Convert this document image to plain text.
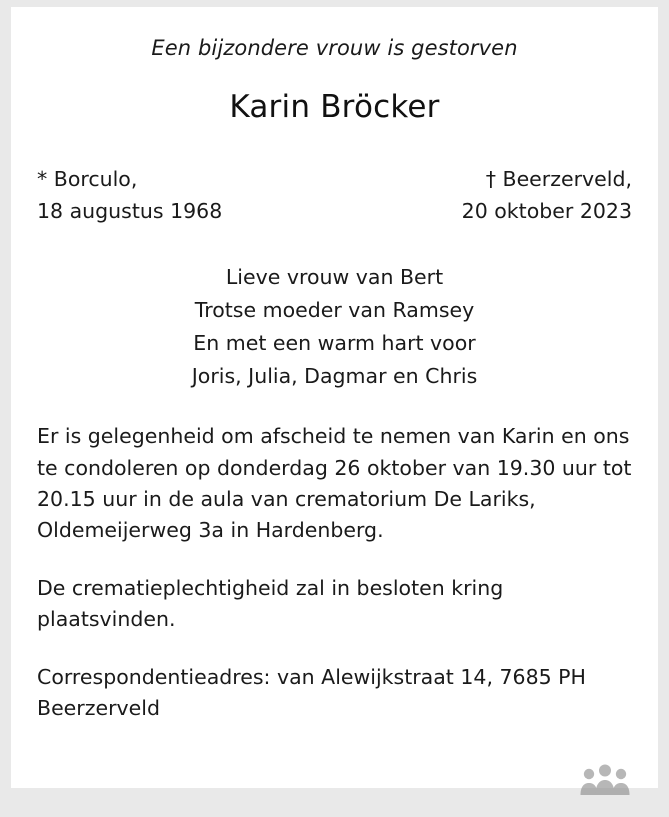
Een bijzondere vrouw is gestorven
Karin Bröcker
* Borculo,
18 augustus 1968
† Beerzerveld,
20 oktober 2023
Lieve vrouw van Bert
Trotse moeder van Ramsey
En met een warm hart voor
Joris, Julia, Dagmar en Chris
Er is gelegenheid om afscheid te nemen van Karin en ons te condoleren op donderdag 26 oktober van 19.30 uur tot 20.15 uur in de aula van crematorium De Lariks, Oldemeijerweg 3a in Hardenberg.
De crematieplechtigheid zal in besloten kring plaatsvinden.
Correspondentieadres: van Alewijkstraat 14, 7685 PH Beerzerveld
